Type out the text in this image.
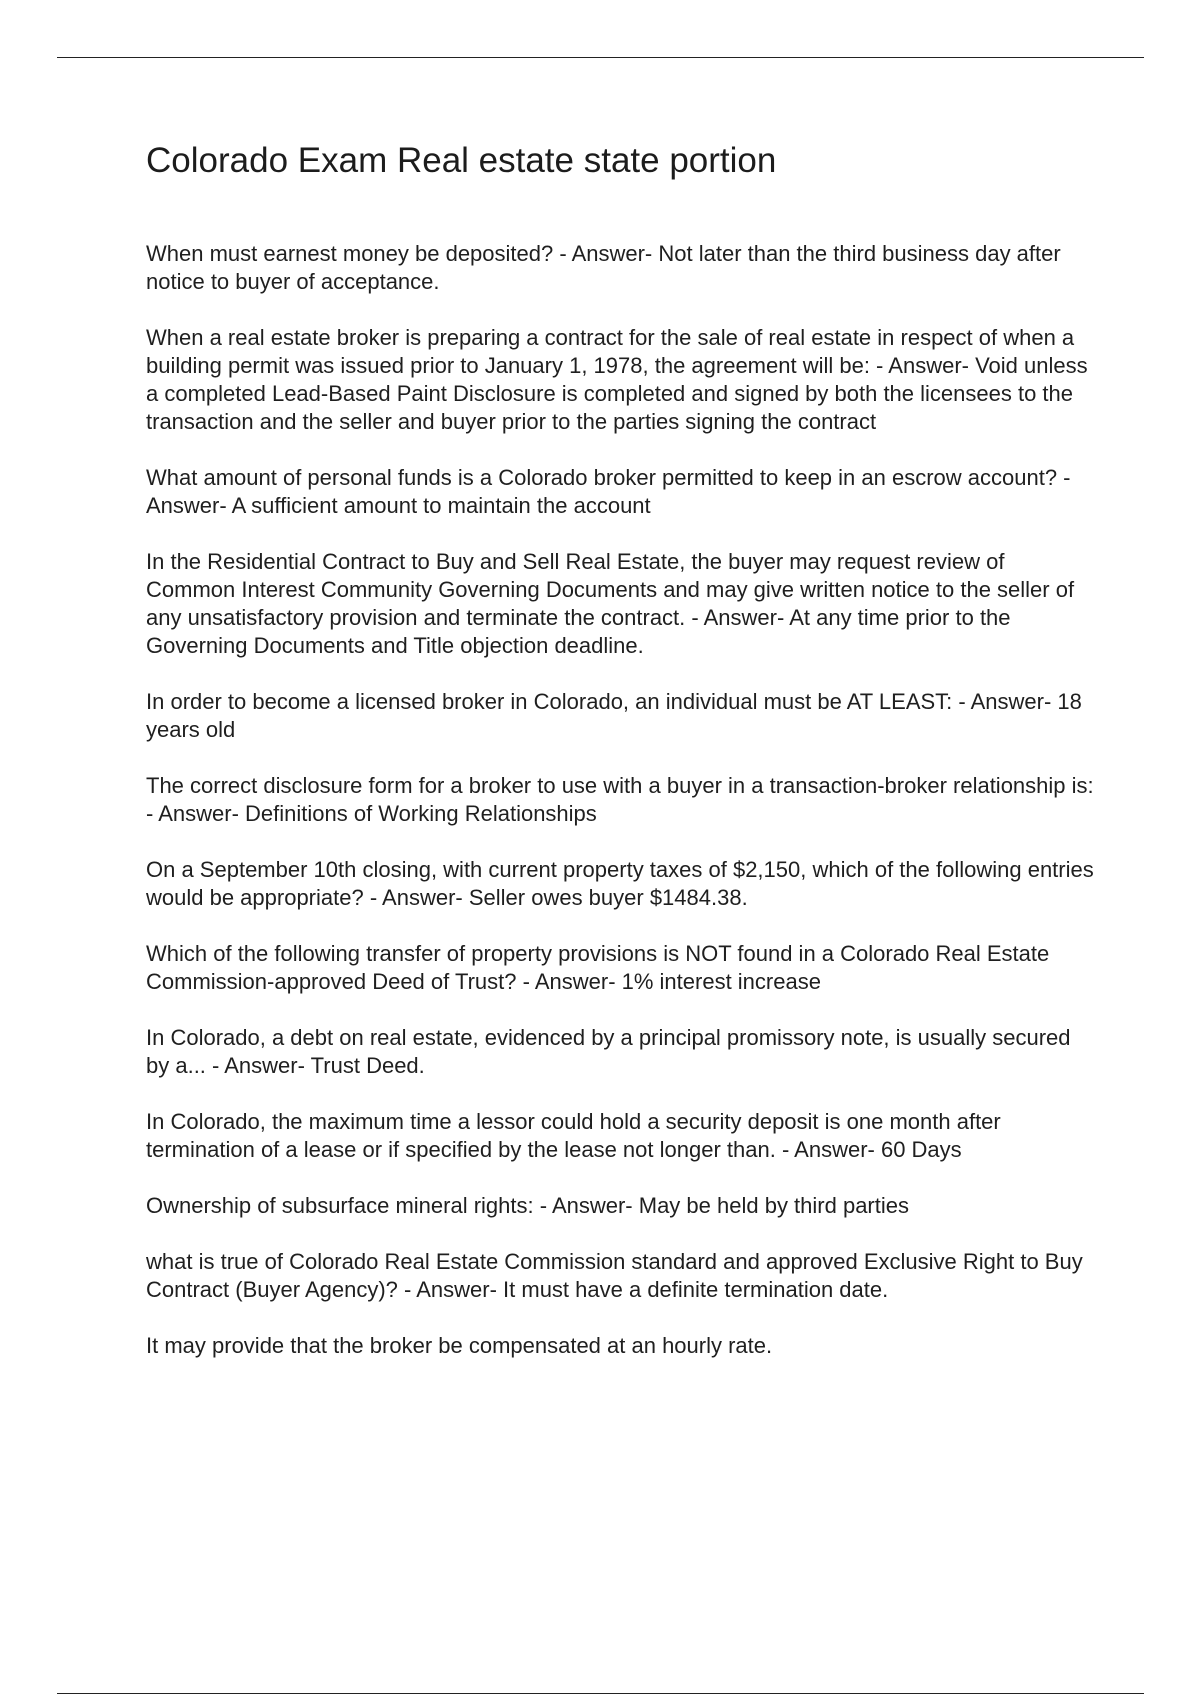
Colorado Exam Real estate state portion

When must earnest money be deposited? - Answer- Not later than the third business day after notice to buyer of acceptance.

When a real estate broker is preparing a contract for the sale of real estate in respect of when a building permit was issued prior to January 1, 1978, the agreement will be: - Answer- Void unless a completed Lead-Based Paint Disclosure is completed and signed by both the licensees to the transaction and the seller and buyer prior to the parties signing the contract

What amount of personal funds is a Colorado broker permitted to keep in an escrow account? - Answer- A sufficient amount to maintain the account

In the Residential Contract to Buy and Sell Real Estate, the buyer may request review of Common Interest Community Governing Documents and may give written notice to the seller of any unsatisfactory provision and terminate the contract. - Answer- At any time prior to the Governing Documents and Title objection deadline.

In order to become a licensed broker in Colorado, an individual must be AT LEAST: - Answer- 18 years old

The correct disclosure form for a broker to use with a buyer in a transaction-broker relationship is: - Answer- Definitions of Working Relationships

On a September 10th closing, with current property taxes of $2,150, which of the following entries would be appropriate? - Answer- Seller owes buyer $1484.38.

Which of the following transfer of property provisions is NOT found in a Colorado Real Estate Commission-approved Deed of Trust? - Answer- 1% interest increase

In Colorado, a debt on real estate, evidenced by a principal promissory note, is usually secured by a... - Answer- Trust Deed.

In Colorado, the maximum time a lessor could hold a security deposit is one month after termination of a lease or if specified by the lease not longer than. - Answer- 60 Days

Ownership of subsurface mineral rights: - Answer- May be held by third parties

what is true of Colorado Real Estate Commission standard and approved Exclusive Right to Buy Contract (Buyer Agency)? - Answer- It must have a definite termination date.

It may provide that the broker be compensated at an hourly rate.
